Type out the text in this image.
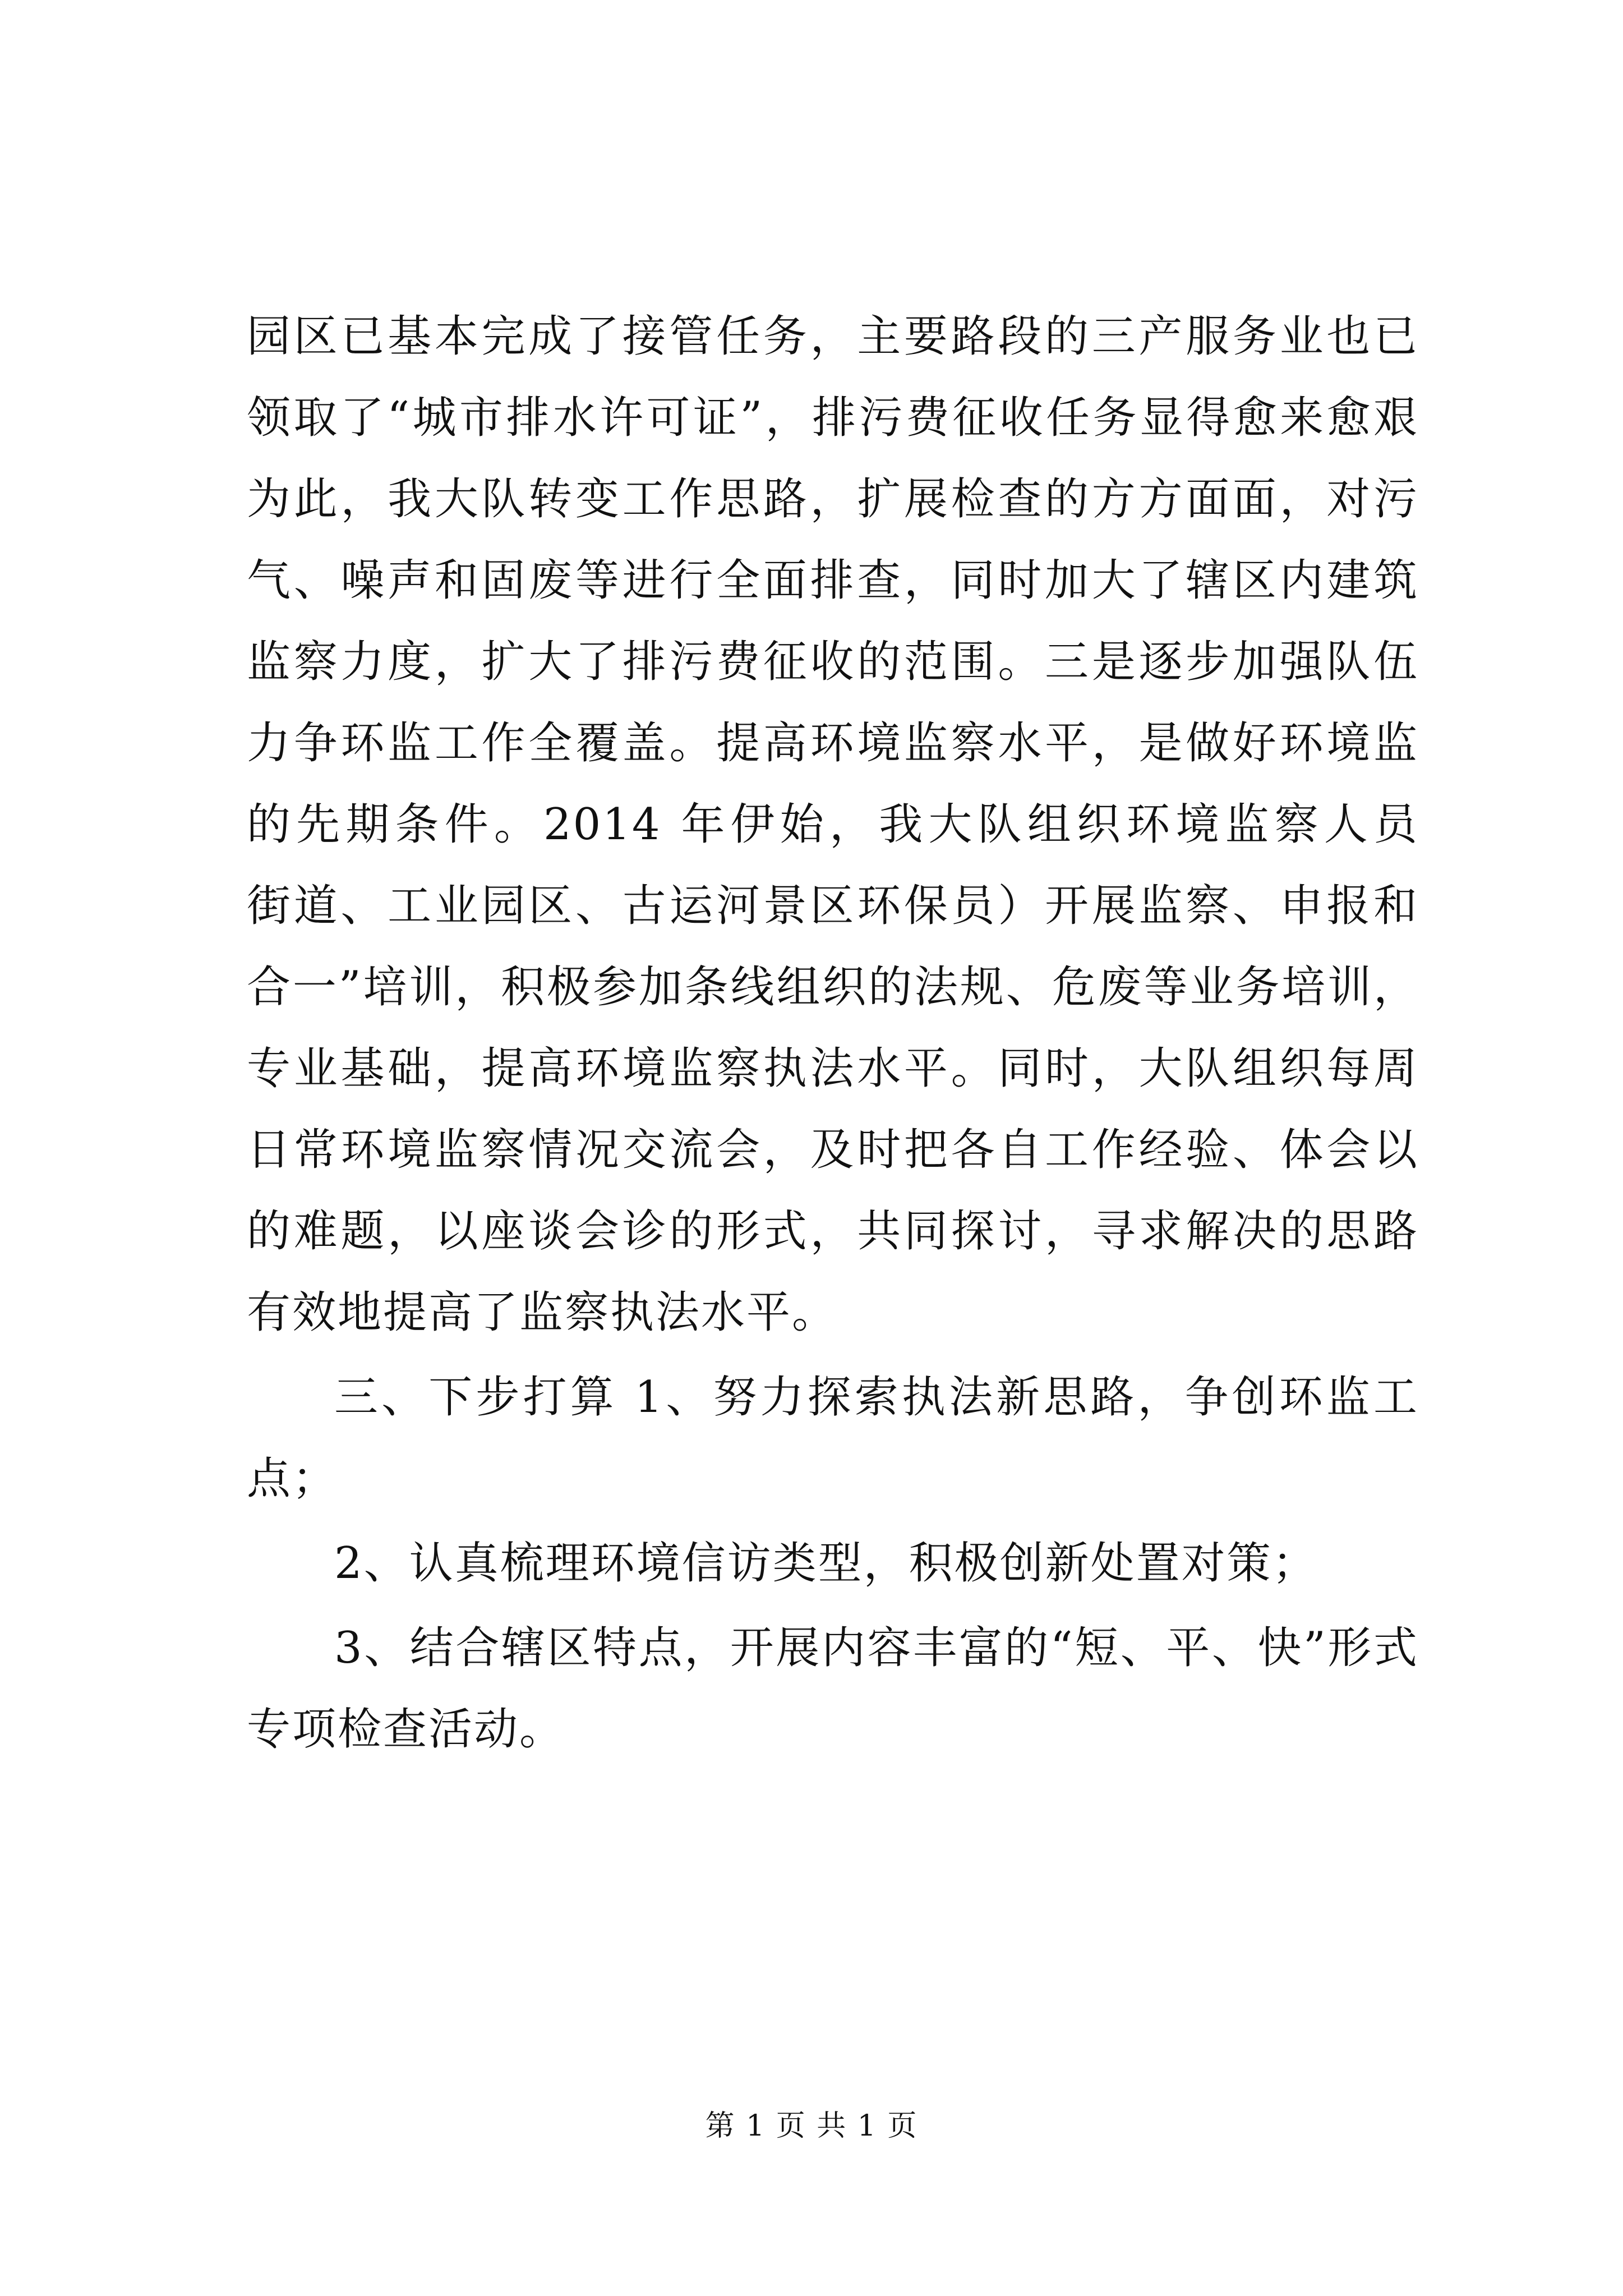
园区已基本完成了接管任务，主要路段的三产服务业也已
领取了“城市排水许可证”，排污费征收任务显得愈来愈艰
为此，我大队转变工作思路，扩展检查的方方面面，对污
气、噪声和固废等进行全面排查，同时加大了辖区内建筑
监察力度，扩大了排污费征收的范围。三是逐步加强队伍
力争环监工作全覆盖。提高环境监察水平，是做好环境监
的先期条件。2014 年伊始，我大队组织环境监察人员
街道、工业园区、古运河景区环保员）开展监察、申报和
合一”培训，积极参加条线组织的法规、危废等业务培训，
专业基础，提高环境监察执法水平。同时，大队组织每周
日常环境监察情况交流会，及时把各自工作经验、体会以
的难题，以座谈会诊的形式，共同探讨，寻求解决的思路
有效地提高了监察执法水平。
三、下步打算 1、努力探索执法新思路，争创环监工
点；
2、认真梳理环境信访类型，积极创新处置对策；
3、结合辖区特点，开展内容丰富的“短、平、快”形式
专项检查活动。
第 1 页 共 1 页
